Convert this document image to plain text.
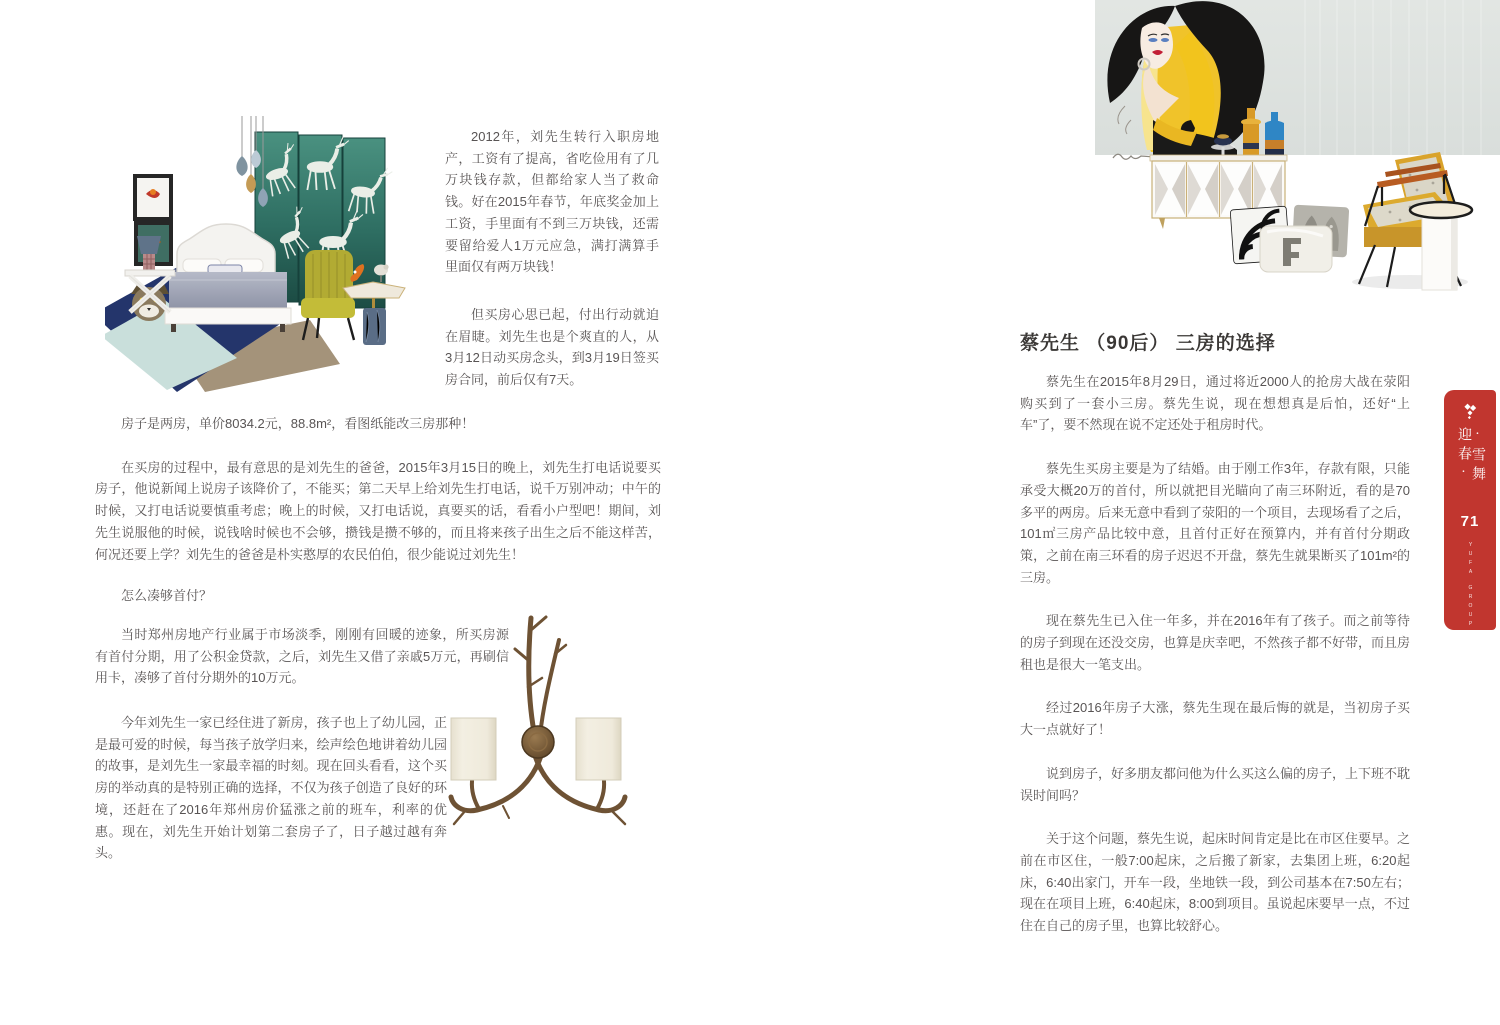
2012年，刘先生转行入职房地产，工资有了提高，省吃俭用有了几万块钱存款，但都给家人当了救命钱。好在2015年春节，年底奖金加上工资，手里面有不到三万块钱，还需要留给爱人1万元应急，满打满算手里面仅有两万块钱！

但买房心思已起，付出行动就迫在眉睫。刘先生也是个爽直的人，从3月12日动买房念头，到3月19日签买房合同，前后仅有7天。

房子是两房，单价8034.2元，88.8m²，看图纸能改三房那种！

在买房的过程中，最有意思的是刘先生的爸爸，2015年3月15日的晚上，刘先生打电话说要买房子，他说新闻上说房子该降价了，不能买；第二天早上给刘先生打电话，说千万别冲动；中午的时候，又打电话说要慎重考虑；晚上的时候，又打电话说，真要买的话，看看小户型吧！期间，刘先生说服他的时候，说钱啥时候也不会够，攒钱是攒不够的，而且将来孩子出生之后不能这样苦，何况还要上学？刘先生的爸爸是朴实憨厚的农民伯伯，很少能说过刘先生！

怎么凑够首付？

当时郑州房地产行业属于市场淡季，刚刚有回暖的迹象，所买房源有首付分期，用了公积金贷款，之后，刘先生又借了亲戚5万元，再刷信用卡，凑够了首付分期外的10万元。

今年刘先生一家已经住进了新房，孩子也上了幼儿园，正是最可爱的时候，每当孩子放学归来，绘声绘色地讲着幼儿园的故事，是刘先生一家最幸福的时刻。现在回头看看，这个买房的举动真的是特别正确的选择，不仅为孩子创造了良好的环境，还赶在了2016年郑州房价猛涨之前的班车，利率的优惠。现在，刘先生开始计划第二套房子了，日子越过越有奔头。

蔡先生 （90后） 三房的选择

蔡先生在2015年8月29日，通过将近2000人的抢房大战在荥阳购买到了一套小三房。蔡先生说，现在想想真是后怕，还好“上车”了，要不然现在说不定还处于租房时代。

蔡先生买房主要是为了结婚。由于刚工作3年，存款有限，只能承受大概20万的首付，所以就把目光瞄向了南三环附近，看的是70多平的两房。后来无意中看到了荥阳的一个项目，去现场看了之后，101㎡三房产品比较中意，且首付正好在预算内，并有首付分期政策，之前在南三环看的房子迟迟不开盘，蔡先生就果断买了101m²的三房。

现在蔡先生已入住一年多，并在2016年有了孩子。而之前等待的房子到现在还没交房，也算是庆幸吧，不然孩子都不好带，而且房租也是很大一笔支出。

经过2016年房子大涨，蔡先生现在最后悔的就是，当初房子买大一点就好了！

说到房子，好多朋友都问他为什么买这么偏的房子，上下班不耽误时间吗？

关于这个问题，蔡先生说，起床时间肯定是比在市区住要早。之前在市区住，一般7:00起床，之后搬了新家，去集团上班，6:20起床，6:40出家门，开车一段，坐地铁一段，到公司基本在7:50左右；现在在项目上班，6:40起床，8:00到项目。虽说起床要早一点，不过住在自己的房子里，也算比较舒心。

·雪舞迎春·
71
YUFA
GROUP
